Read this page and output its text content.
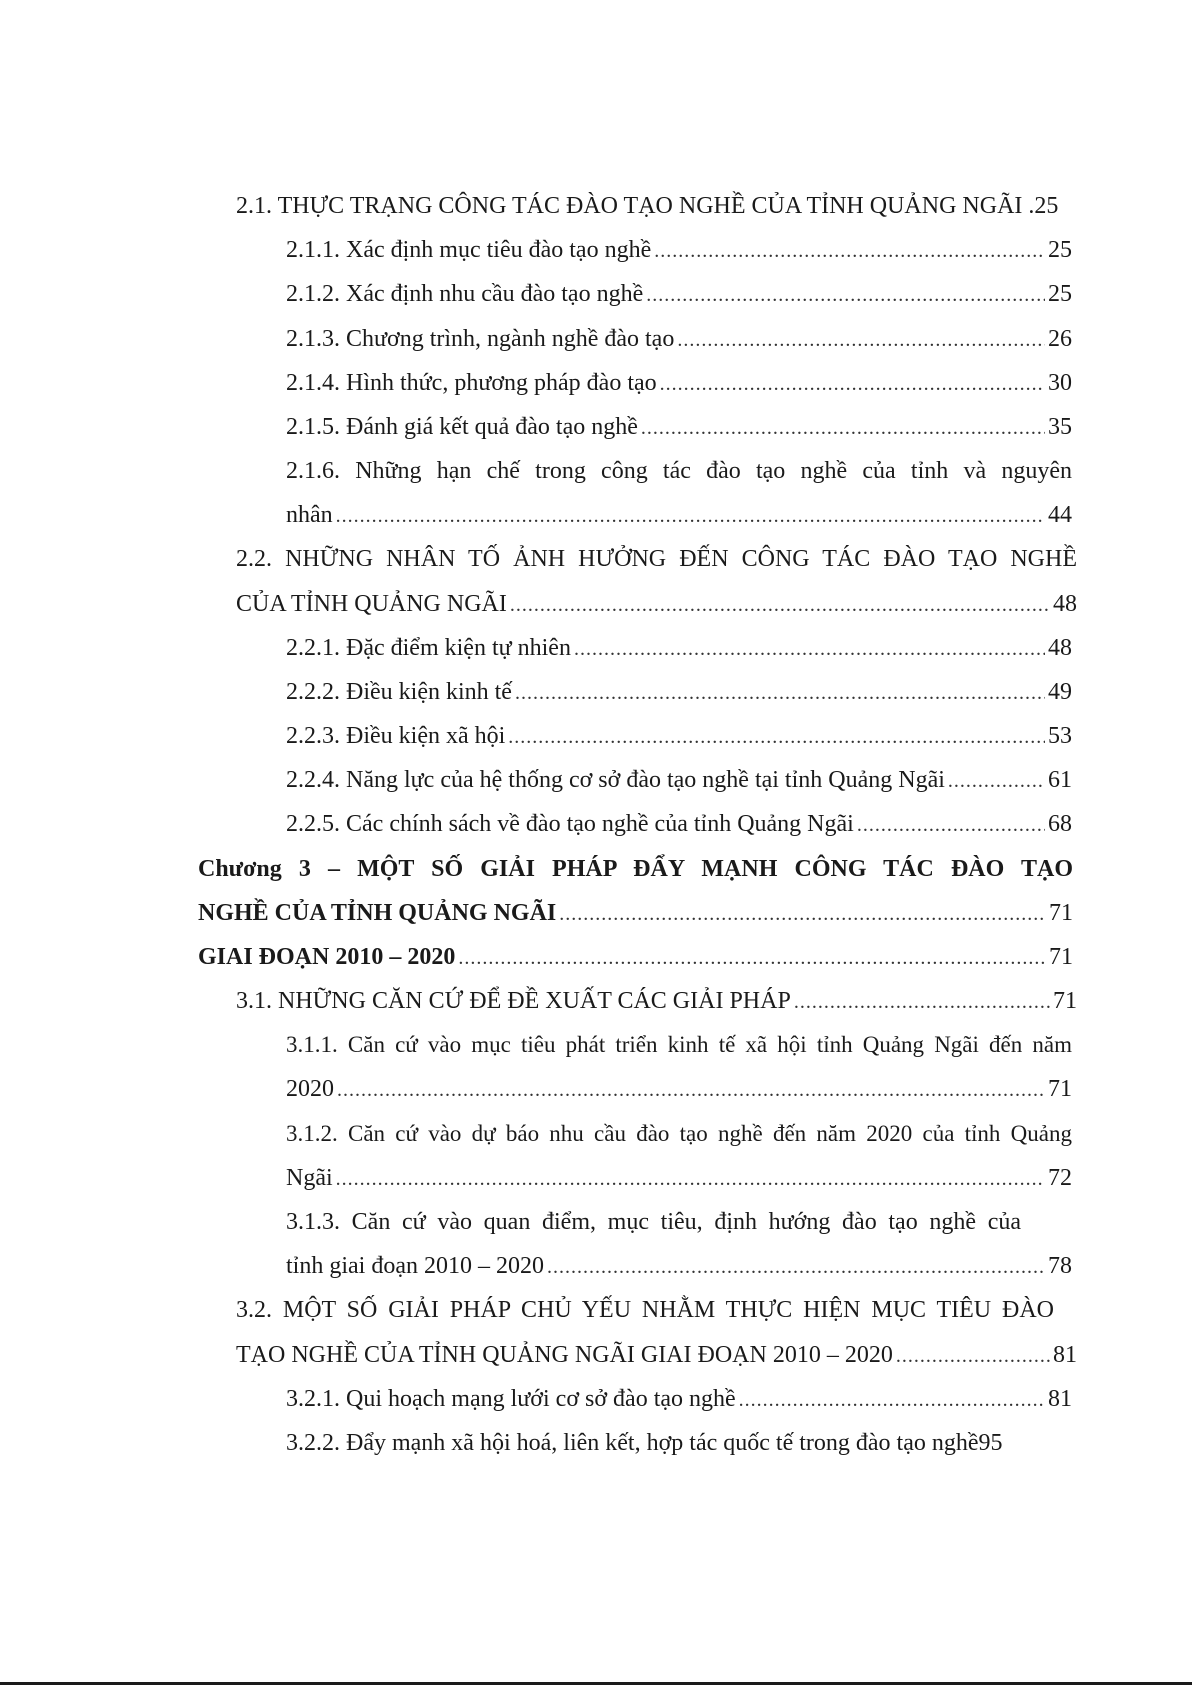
2.1. THỰC TRẠNG CÔNG TÁC ĐÀO TẠO NGHỀ CỦA TỈNH QUẢNG NGÃI . 25
2.1.1. Xác định mục tiêu đào tạo nghề .....	25
2.1.2. Xác định nhu cầu đào tạo nghề .....	25
2.1.3. Chương trình, ngành nghề đào tạo .....	26
2.1.4. Hình thức, phương pháp đào tạo .....	30
2.1.5. Đánh giá kết quả đào tạo nghề .....	35
2.1.6. Những hạn chế trong công tác đào tạo nghề của tỉnh và nguyên
nhân .....	44
2.2. NHỮNG NHÂN TỐ ẢNH HƯỞNG ĐẾN CÔNG TÁC ĐÀO TẠO NGHỀ
CỦA TỈNH QUẢNG NGÃI .....	48
2.2.1. Đặc điểm kiện tự nhiên .....	48
2.2.2. Điều kiện kinh tế .....	49
2.2.3. Điều kiện xã hội .....	53
2.2.4. Năng lực của hệ thống cơ sở đào tạo nghề tại tỉnh Quảng Ngãi .....	61
2.2.5. Các chính sách về đào tạo nghề của tỉnh Quảng Ngãi .....	68
Chương 3 – MỘT SỐ GIẢI PHÁP ĐẨY MẠNH CÔNG TÁC ĐÀO TẠO
NGHỀ CỦA TỈNH QUẢNG NGÃI .....	71
GIAI ĐOẠN 2010 – 2020 .....	71
3.1. NHỮNG CĂN CỨ ĐỂ ĐỀ XUẤT CÁC GIẢI PHÁP .....	71
3.1.1. Căn cứ vào mục tiêu phát triển kinh tế xã hội tỉnh Quảng Ngãi đến năm
2020 .....	71
3.1.2. Căn cứ vào dự báo nhu cầu đào tạo nghề đến năm 2020 của tỉnh Quảng
Ngãi .....	72
3.1.3. Căn cứ vào quan điểm, mục tiêu, định hướng đào tạo nghề của
tỉnh giai đoạn 2010 – 2020 .....	78
3.2. MỘT SỐ GIẢI PHÁP CHỦ YẾU NHẰM THỰC HIỆN MỤC TIÊU ĐÀO
TẠO NGHỀ CỦA TỈNH QUẢNG NGÃI GIAI ĐOẠN 2010 – 2020 .....	81
3.2.1. Qui hoạch mạng lưới cơ sở đào tạo nghề .....	81
3.2.2. Đẩy mạnh xã hội hoá, liên kết, hợp tác quốc tế trong đào tạo nghề 95
